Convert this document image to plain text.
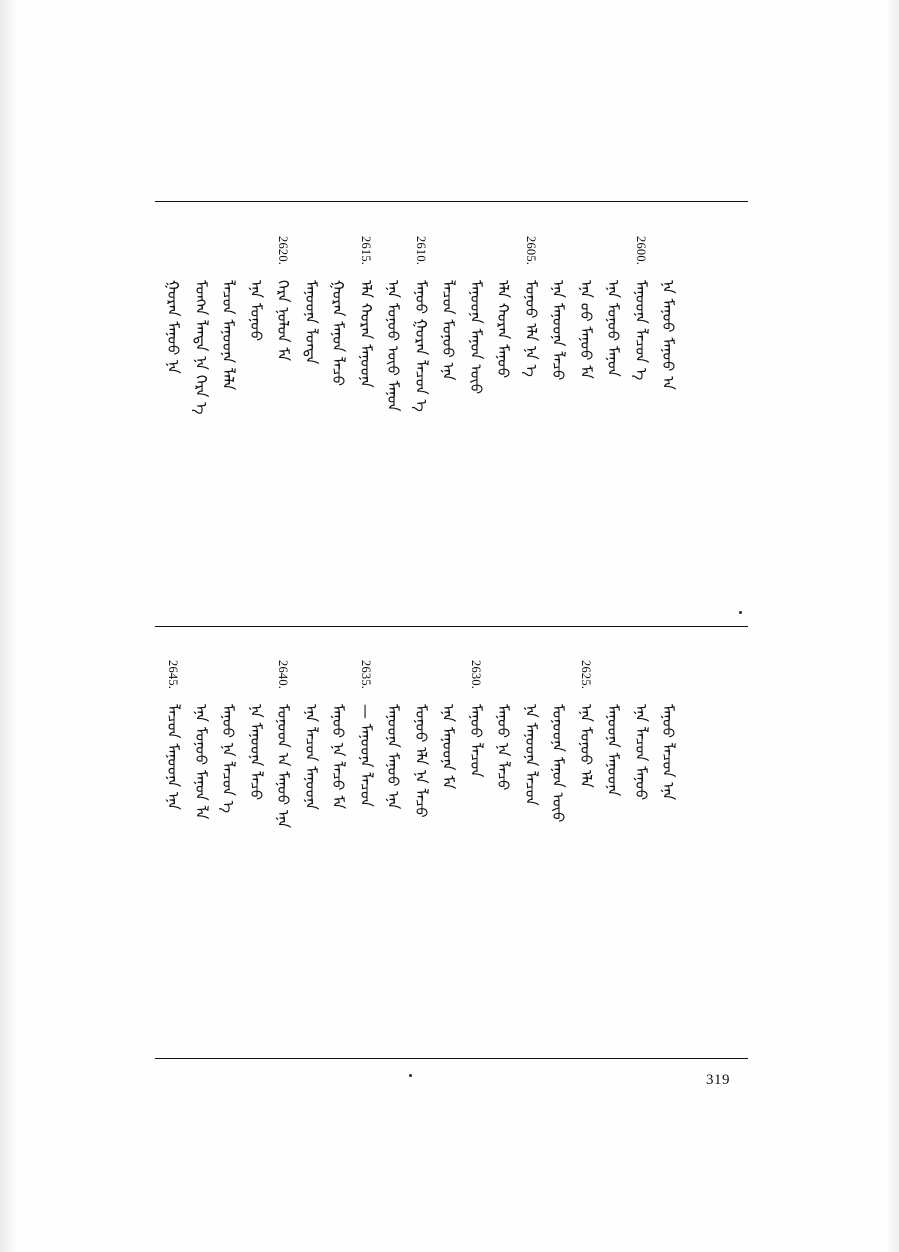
ᠭᠤᠷᠠᠨ ᠮᠡᠨᠦᠦ ᠨᠠ ᠮᠣᠩᠡᠨ ᠯᠠᠨᠳᠠ ᠨᠠ ᠬᠡᠷᠨ ᠡ ᠯᠠᠴᠤᠨ ᠮᠡᠨᠦᠦᠨᠠ ᠯᠠᠯᠠ ᠡᠨᠡ ᠮᠤᠨᠦᠤ
2620.
ᠬᠡᠷᠨ ᠨᠤᠯᠤᠨ ᠮᠡ ᠮᠡᠨᠦᠦᠨᠠ ᠯᠤᠨᠳᠠ ᠭᠤᠷᠠᠨ ᠮᠡᠨᠦᠡ ᠯᠠᠴᠤ
2615.
ᠡᠯᠡ ᠬᠤᠷᠠᠨ ᠮᠡᠨᠦᠦᠨᠠ ᠡᠨᠡ ᠮᠤᠨᠦᠤ ᠦᠤ ᠮᠡᠨᠦᠡ
2610.
ᠮᠡᠨᠦᠦ ᠭᠤᠷᠠᠨ ᠯᠠᠴᠤᠨ ᠡ ᠯᠠᠴᠤᠨ ᠮᠤᠨᠦᠤ ᠡᠨᠡ ᠮᠡᠨᠦᠦᠨᠠ ᠮᠡᠨᠦᠡ ᠦᠤ ᠡᠯᠡ ᠬᠤᠷᠠᠨ ᠮᠡᠨᠦᠦ
2605.
ᠮᠤᠨᠦᠤ ᠡᠯᠡ ᠨᠠ ᠡ ᠡᠨᠡ ᠮᠡᠨᠦᠦᠨᠠ ᠯᠠᠴᠤ ᠡᠨᠡ ᠦᠦ ᠮᠡᠨᠦᠤ ᠮᠡ ᠡᠨᠡ ᠮᠤᠨᠦᠤ ᠮᠡᠨᠦᠡ
2600.
ᠮᠡᠨᠦᠦᠨᠠ ᠯᠠᠴᠤᠨ ᠡ ᠨᠠ ᠮᠡᠨᠦᠦ ᠮᠡᠨᠦᠤ ᠡᠨ
2645.
ᠯᠠᠴᠤᠨ ᠮᠡᠨᠦᠦᠨᠠ ᠡᠨᠡ ᠡᠨᠡ ᠮᠤᠨᠦᠤ ᠮᠡᠨᠦᠡ ᠯᠠ ᠮᠡᠨᠦᠦ ᠨᠠ ᠯᠠᠴᠤᠨ ᠡ ᠨᠠ ᠮᠡᠨᠦᠦᠨᠠ ᠯᠠᠴᠤ
2640.
ᠮᠤᠨᠦᠤᠨ ᠡᠨ ᠮᠡᠨᠦᠦ ᠡᠨᠡ ᠡᠨᠡ ᠯᠠᠴᠤᠨ ᠮᠡᠨᠦᠦᠨᠠ ᠮᠡᠨᠦᠦ ᠨᠠ ᠯᠠᠴᠤ ᠮᠡ
2635.
— ᠮᠡᠨᠦᠦᠨᠠ ᠯᠠᠴᠤᠨ ᠮᠡᠨᠦᠦᠨᠠ ᠮᠡᠨᠦᠤ ᠡᠨᠡ ᠮᠤᠨᠦᠤ ᠡᠯᠡ ᠨᠠ ᠯᠠᠴᠤ ᠡᠨᠡ ᠮᠡᠨᠦᠦᠨᠠ ᠮᠡ
2630.
ᠮᠡᠨᠦᠦ ᠯᠠᠴᠤᠨ ᠮᠡᠨᠦᠦ ᠨᠠ ᠯᠠᠴᠤ ᠨᠠ ᠮᠡᠨᠦᠦᠨᠠ ᠯᠠᠴᠤᠨ ᠮᠤᠨᠦᠤᠨᠠ ᠮᠡᠨᠦᠡ ᠦᠤ
2625.
ᠡᠨᠡ ᠮᠤᠨᠦᠤ ᠡᠯᠡ ᠮᠡᠨᠦᠦᠨᠠ ᠮᠡᠨᠦᠦᠨᠠ ᠡᠨᠡ ᠯᠠᠴᠤᠨ ᠮᠡᠨᠦᠦ ᠮᠡᠨᠦᠦ ᠯᠠᠴᠤᠨ ᠡᠨᠡ
319
